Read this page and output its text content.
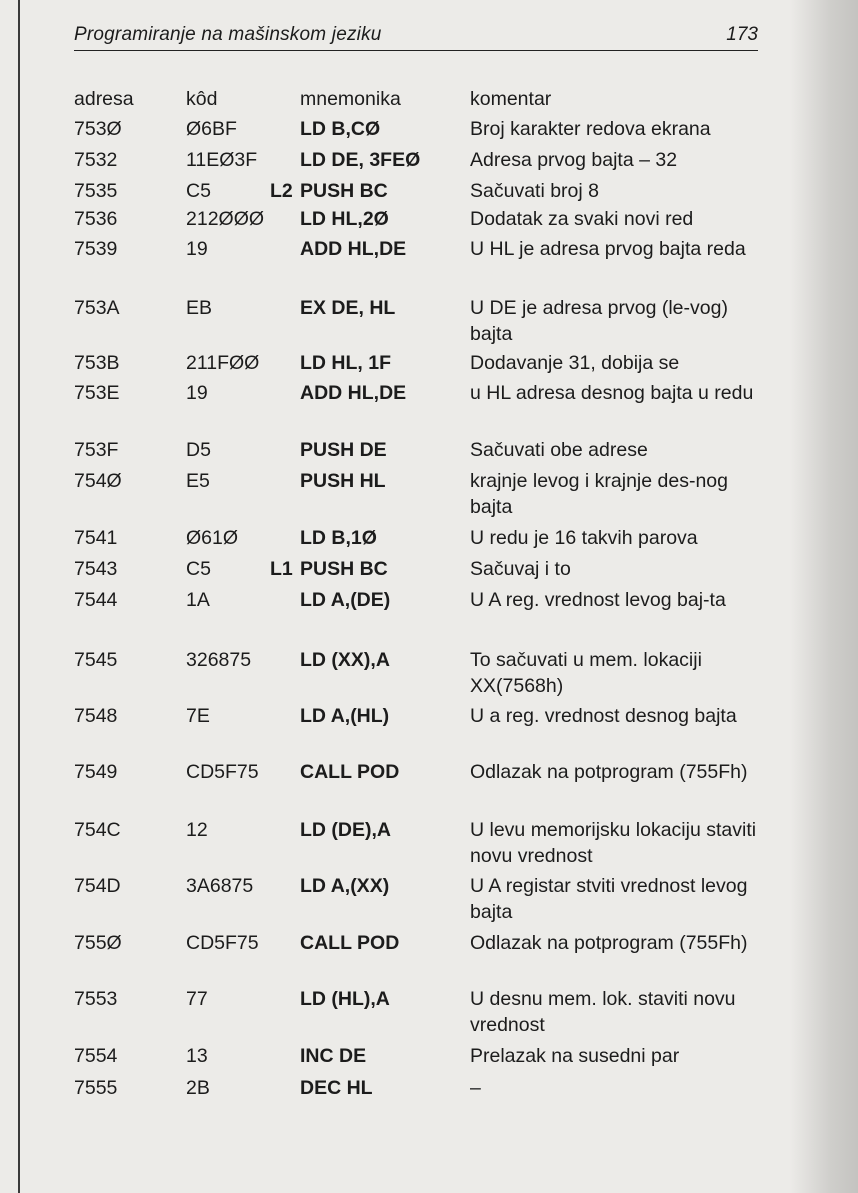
Programiranje na mašinskom jeziku	173
adresa	kôd	mnemonika	komentar
753Ø	Ø6BF	LD B,CØ	Broj karakter redova ekrana
7532	11EØ3F LD DE, 3FEØ	Adresa prvog bajta – 32
7535	C5	L2 PUSH BC	Sačuvati broj 8
7536	212ØØØ LD HL,2Ø	Dodatak za svaki novi red
7539	19	ADD HL,DE	U HL je adresa prvog bajta reda
753A	EB	EX DE, HL	U DE je adresa prvog (le-vog) bajta
753B	211FØØ LD HL, 1F	Dodavanje 31, dobija se
753E	19	ADD HL,DE	u HL adresa desnog bajta u redu
753F	D5	PUSH DE	Sačuvati obe adrese
754Ø	E5	PUSH HL	krajnje levog i krajnje des-nog bajta
7541	Ø61Ø	LD B,1Ø	U redu je 16 takvih parova
7543	C5	L1 PUSH BC	Sačuvaj i to
7544	1A	LD A,(DE)	U A reg. vrednost levog baj-ta
7545	326875	LD (XX),A	To sačuvati u mem. lokaciji XX(7568h)
7548	7E	LD A,(HL)	U a reg. vrednost desnog bajta
7549	CD5F75 CALL POD	Odlazak na potprogram (755Fh)
754C	12	LD (DE),A	U levu memorijsku lokaciju staviti novu vrednost
754D	3A6875 LD A,(XX)	U A registar stviti vrednost levog bajta
755Ø	CD5F75 CALL POD	Odlazak na potprogram (755Fh)
7553	77	LD (HL),A	U desnu mem. lok. staviti novu vrednost
7554	13	INC DE	Prelazak na susedni par
7555	2B	DEC HL	–
